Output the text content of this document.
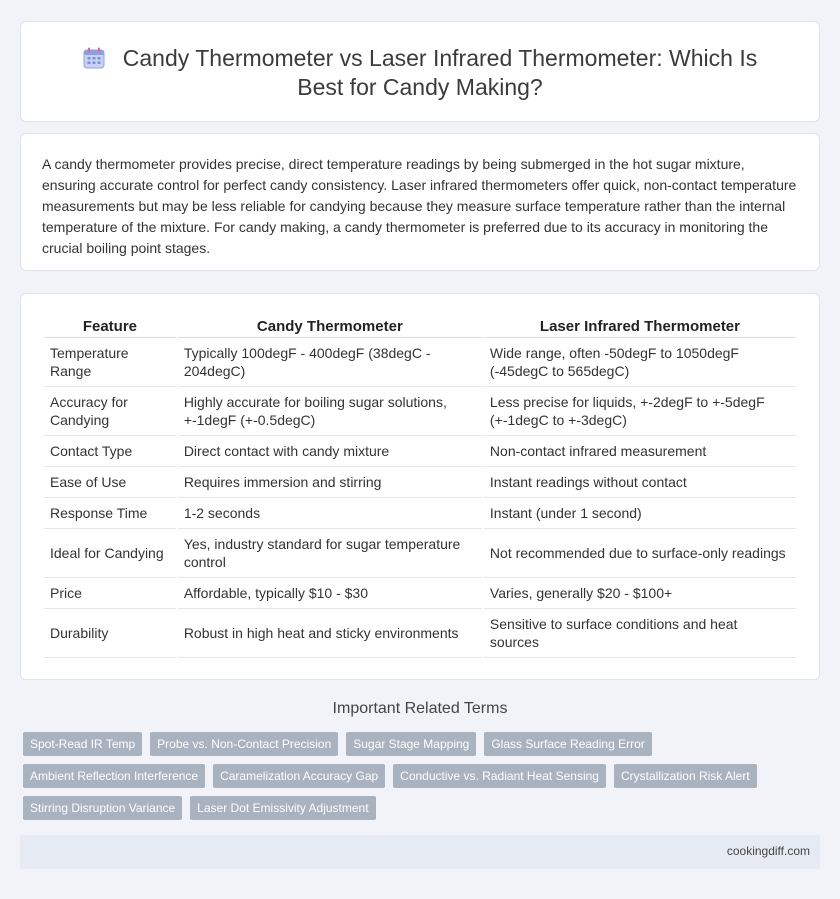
Candy Thermometer vs Laser Infrared Thermometer: Which Is Best for Candy Making?

A candy thermometer provides precise, direct temperature readings by being submerged in the hot sugar mixture, ensuring accurate control for perfect candy consistency. Laser infrared thermometers offer quick, non-contact temperature measurements but may be less reliable for candying because they measure surface temperature rather than the internal temperature of the mixture. For candy making, a candy thermometer is preferred due to its accuracy in monitoring the crucial boiling point stages.

Feature	Candy Thermometer	Laser Infrared Thermometer
Temperature Range	Typically 100degF - 400degF (38degC - 204degC)	Wide range, often -50degF to 1050degF (-45degC to 565degC)
Accuracy for Candying	Highly accurate for boiling sugar solutions, +-1degF (+-0.5degC)	Less precise for liquids, +-2degF to +-5degF (+-1degC to +-3degC)
Contact Type	Direct contact with candy mixture	Non-contact infrared measurement
Ease of Use	Requires immersion and stirring	Instant readings without contact
Response Time	1-2 seconds	Instant (under 1 second)
Ideal for Candying	Yes, industry standard for sugar temperature control	Not recommended due to surface-only readings
Price	Affordable, typically $10 - $30	Varies, generally $20 - $100+
Durability	Robust in high heat and sticky environments	Sensitive to surface conditions and heat sources
Important Related Terms
Spot-Read IR Temp	Probe vs. Non-Contact Precision	Sugar Stage Mapping	Glass Surface Reading Error
Ambient Reflection Interference	Caramelization Accuracy Gap	Conductive vs. Radiant Heat Sensing	Crystallization Risk Alert
Stirring Disruption Variance	Laser Dot Emissivity Adjustment
cookingdiff.com
